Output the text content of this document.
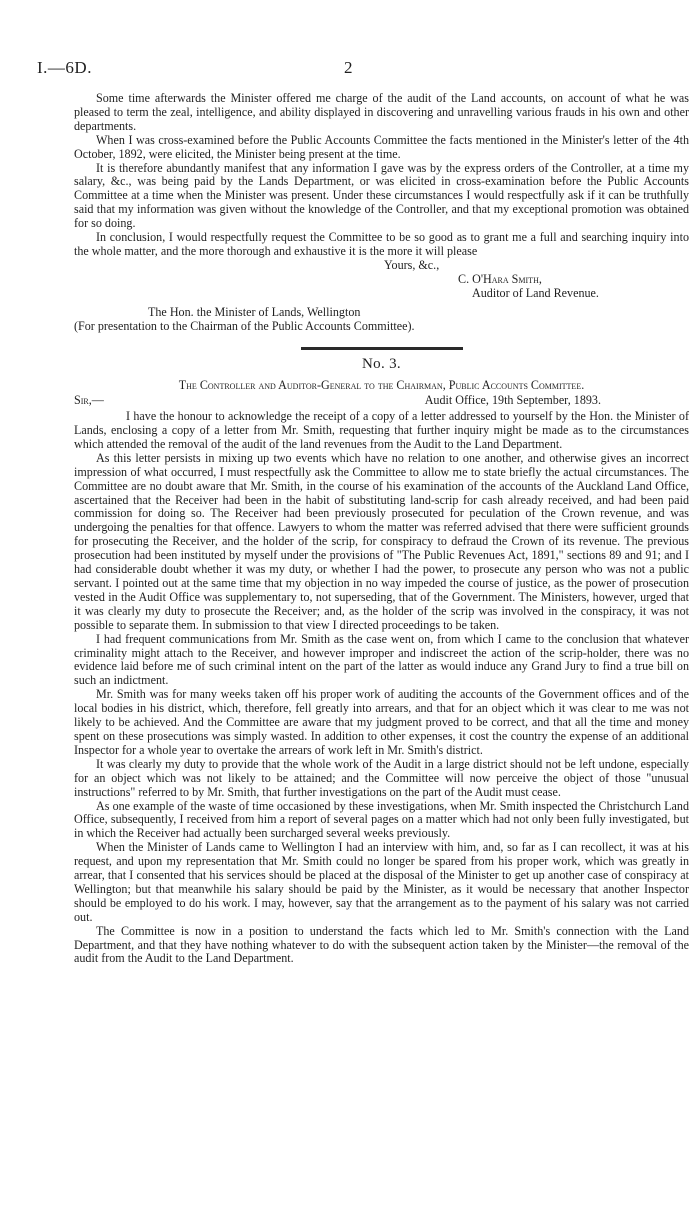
I.—6D.	2

Some time afterwards the Minister offered me charge of the audit of the Land accounts, on account of what he was pleased to term the zeal, intelligence, and ability displayed in discovering and unravelling various frauds in his own and other departments.

When I was cross-examined before the Public Accounts Committee the facts mentioned in the Minister's letter of the 4th October, 1892, were elicited, the Minister being present at the time.

It is therefore abundantly manifest that any information I gave was by the express orders of the Controller, at a time my salary, &c., was being paid by the Lands Department, or was elicited in cross-examination before the Public Accounts Committee at a time when the Minister was present. Under these circumstances I would respectfully ask if it can be truthfully said that my information was given without the knowledge of the Controller, and that my exceptional promotion was obtained for so doing.

In conclusion, I would respectfully request the Committee to be so good as to grant me a full and searching inquiry into the whole matter, and the more thorough and exhaustive it is the more it will please

Yours, &c.,
C. O'Hara Smith,
Auditor of Land Revenue.
The Hon. the Minister of Lands, Wellington
(For presentation to the Chairman of the Public Accounts Committee).
No. 3.
The Controller and Auditor-General to the Chairman, Public Accounts Committee.
Sir,—	Audit Office, 19th September, 1893.

I have the honour to acknowledge the receipt of a copy of a letter addressed to yourself by the Hon. the Minister of Lands, enclosing a copy of a letter from Mr. Smith, requesting that further inquiry might be made as to the circumstances which attended the removal of the audit of the land revenues from the Audit to the Land Department.

As this letter persists in mixing up two events which have no relation to one another, and otherwise gives an incorrect impression of what occurred, I must respectfully ask the Committee to allow me to state briefly the actual circumstances. The Committee are no doubt aware that Mr. Smith, in the course of his examination of the accounts of the Auckland Land Office, ascertained that the Receiver had been in the habit of substituting land-scrip for cash already received, and had been paid commission for doing so. The Receiver had been previously prosecuted for peculation of the Crown revenue, and was undergoing the penalties for that offence. Lawyers to whom the matter was referred advised that there were sufficient grounds for prosecuting the Receiver, and the holder of the scrip, for conspiracy to defraud the Crown of its revenue. The previous prosecution had been instituted by myself under the provisions of "The Public Revenues Act, 1891," sections 89 and 91; and I had considerable doubt whether it was my duty, or whether I had the power, to prosecute any person who was not a public servant. I pointed out at the same time that my objection in no way impeded the course of justice, as the power of prosecution vested in the Audit Office was supplementary to, not superseding, that of the Government. The Ministers, however, urged that it was clearly my duty to prosecute the Receiver; and, as the holder of the scrip was involved in the conspiracy, it was not possible to separate them. In submission to that view I directed proceedings to be taken.

I had frequent communications from Mr. Smith as the case went on, from which I came to the conclusion that whatever criminality might attach to the Receiver, and however improper and indiscreet the action of the scrip-holder, there was no evidence laid before me of such criminal intent on the part of the latter as would induce any Grand Jury to find a true bill on such an indictment.

Mr. Smith was for many weeks taken off his proper work of auditing the accounts of the Government offices and of the local bodies in his district, which, therefore, fell greatly into arrears, and that for an object which it was clear to me was not likely to be achieved. And the Committee are aware that my judgment proved to be correct, and that all the time and money spent on these prosecutions was simply wasted. In addition to other expenses, it cost the country the expense of an additional Inspector for a whole year to overtake the arrears of work left in Mr. Smith's district.

It was clearly my duty to provide that the whole work of the Audit in a large district should not be left undone, especially for an object which was not likely to be attained; and the Committee will now perceive the object of those "unusual instructions" referred to by Mr. Smith, that further investigations on the part of the Audit must cease.

As one example of the waste of time occasioned by these investigations, when Mr. Smith inspected the Christchurch Land Office, subsequently, I received from him a report of several pages on a matter which had not only been fully investigated, but in which the Receiver had actually been surcharged several weeks previously.

When the Minister of Lands came to Wellington I had an interview with him, and, so far as I can recollect, it was at his request, and upon my representation that Mr. Smith could no longer be spared from his proper work, which was greatly in arrear, that I consented that his services should be placed at the disposal of the Minister to get up another case of conspiracy at Wellington; but that meanwhile his salary should be paid by the Minister, as it would be necessary that another Inspector should be employed to do his work. I may, however, say that the arrangement as to the payment of his salary was not carried out.

The Committee is now in a position to understand the facts which led to Mr. Smith's connection with the Land Department, and that they have nothing whatever to do with the subsequent action taken by the Minister—the removal of the audit from the Audit to the Land Department.
